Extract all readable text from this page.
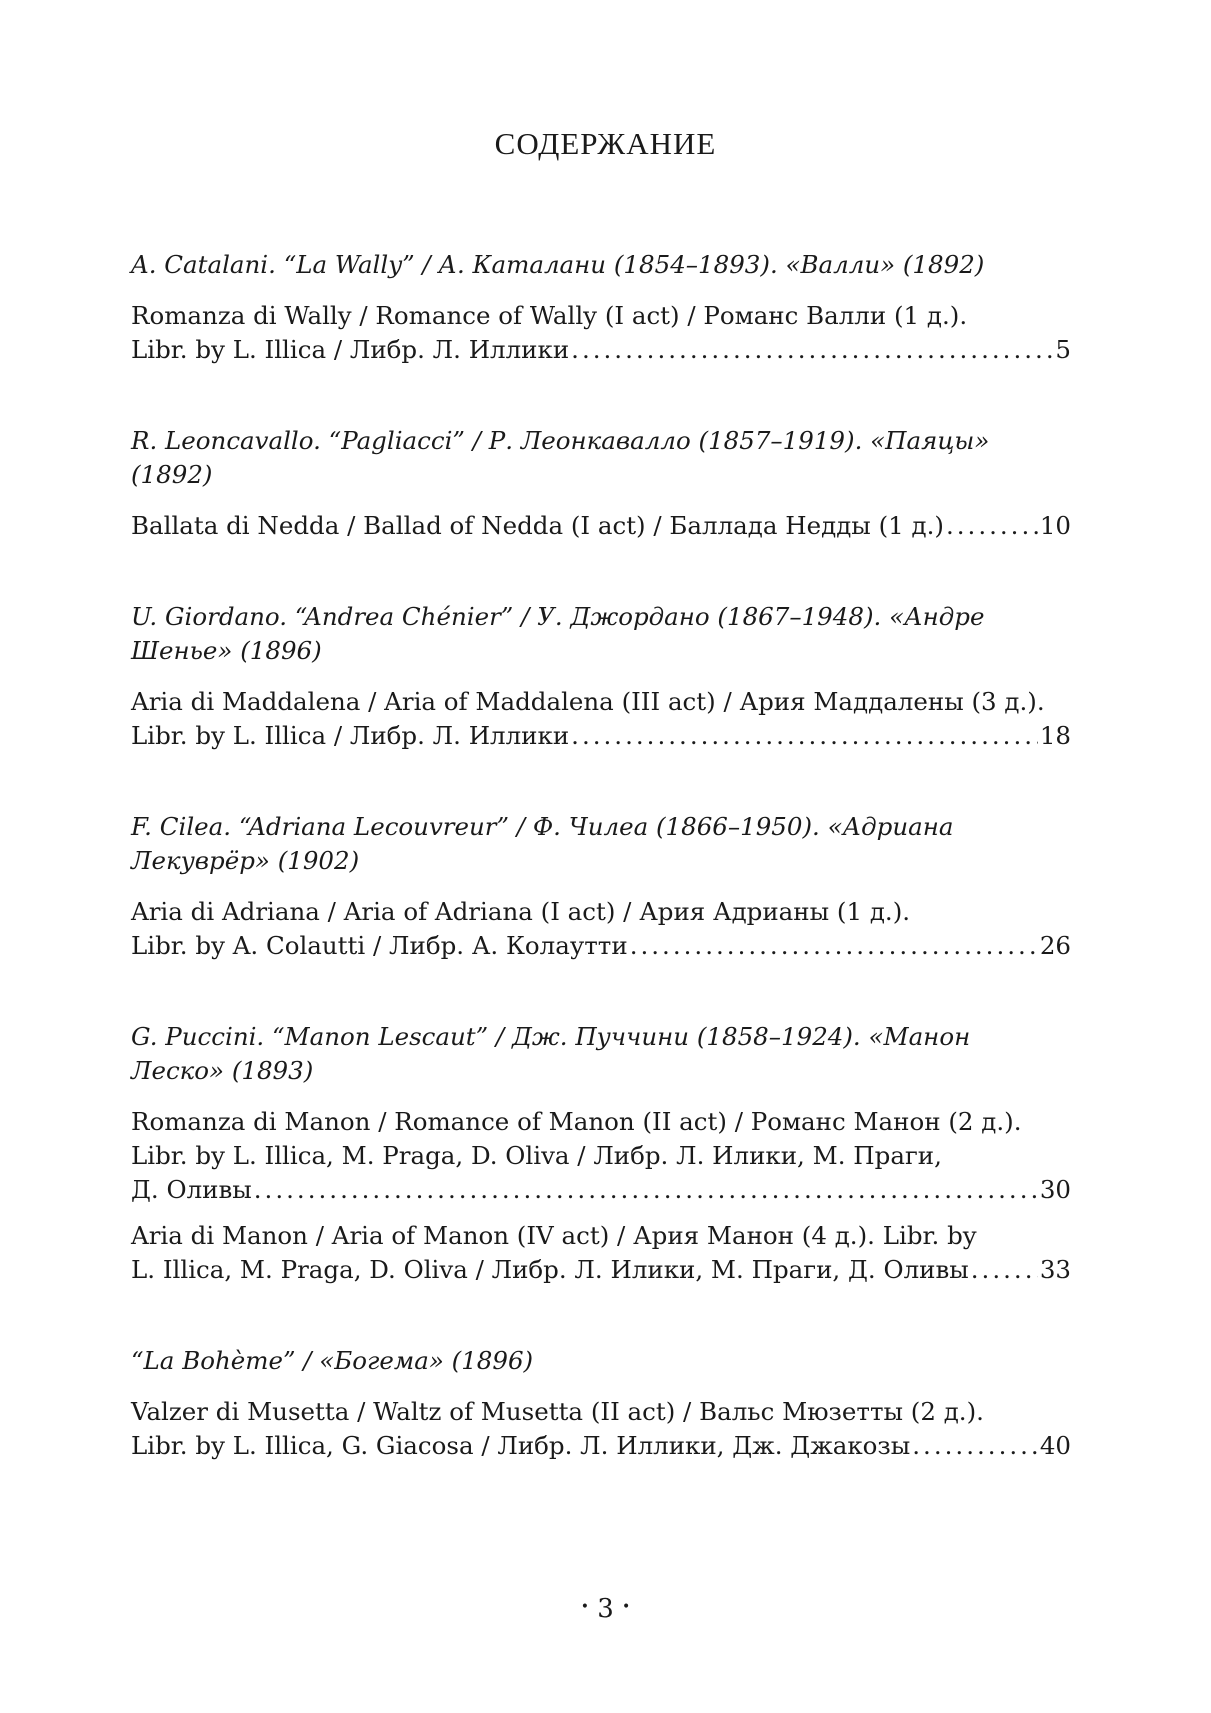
СОДЕРЖАНИЕ
A. Catalani. “La Wally” / А. Каталани (1854–1893). «Валли» (1892)
Romanza di Wally / Romance of Wally (I act) / Романс Валли (1 д.).
Libr. by L. Illica / Либр. Л. Иллики .....	5
R. Leoncavallo. “Pagliacci” / Р. Леонкавалло (1857–1919). «Паяцы» (1892)
Ballata di Nedda / Ballad of Nedda (I act) / Баллада Недды (1 д.) .....	10
U. Giordano. “Andrea Chénier” / У. Джордано (1867–1948). «Андре Шенье» (1896)
Aria di Maddalena / Aria of Maddalena (III act) / Ария Маддалены (3 д.).
Libr. by L. Illica / Либр. Л. Иллики .....	18
F. Cilea. “Adriana Lecouvreur” / Ф. Чилеа (1866–1950). «Адриана Лекуврёр» (1902)
Aria di Adriana / Aria of Adriana (I act) / Ария Адрианы (1 д.).
Libr. by A. Colautti / Либр. А. Колаутти .....	26
G. Puccini. “Manon Lescaut” / Дж. Пуччини (1858–1924). «Манон Леско» (1893)
Romanza di Manon / Romance of Manon (II act) / Романс Манон (2 д.).
Libr. by L. Illica, M. Praga, D. Oliva / Либр. Л. Илики, М. Праги,
Д. Оливы .....	30
Aria di Manon / Aria of Manon (IV act) / Ария Манон (4 д.). Libr. by
L. Illica, M. Praga, D. Oliva / Либр. Л. Илики, М. Праги, Д. Оливы .....	33
“La Bohème” / «Богема» (1896)
Valzer di Musetta / Waltz of Musetta (II act) / Вальс Мюзетты (2 д.).
Libr. by L. Illica, G. Giacosa / Либр. Л. Иллики, Дж. Джакозы .....	40
• 3 •
